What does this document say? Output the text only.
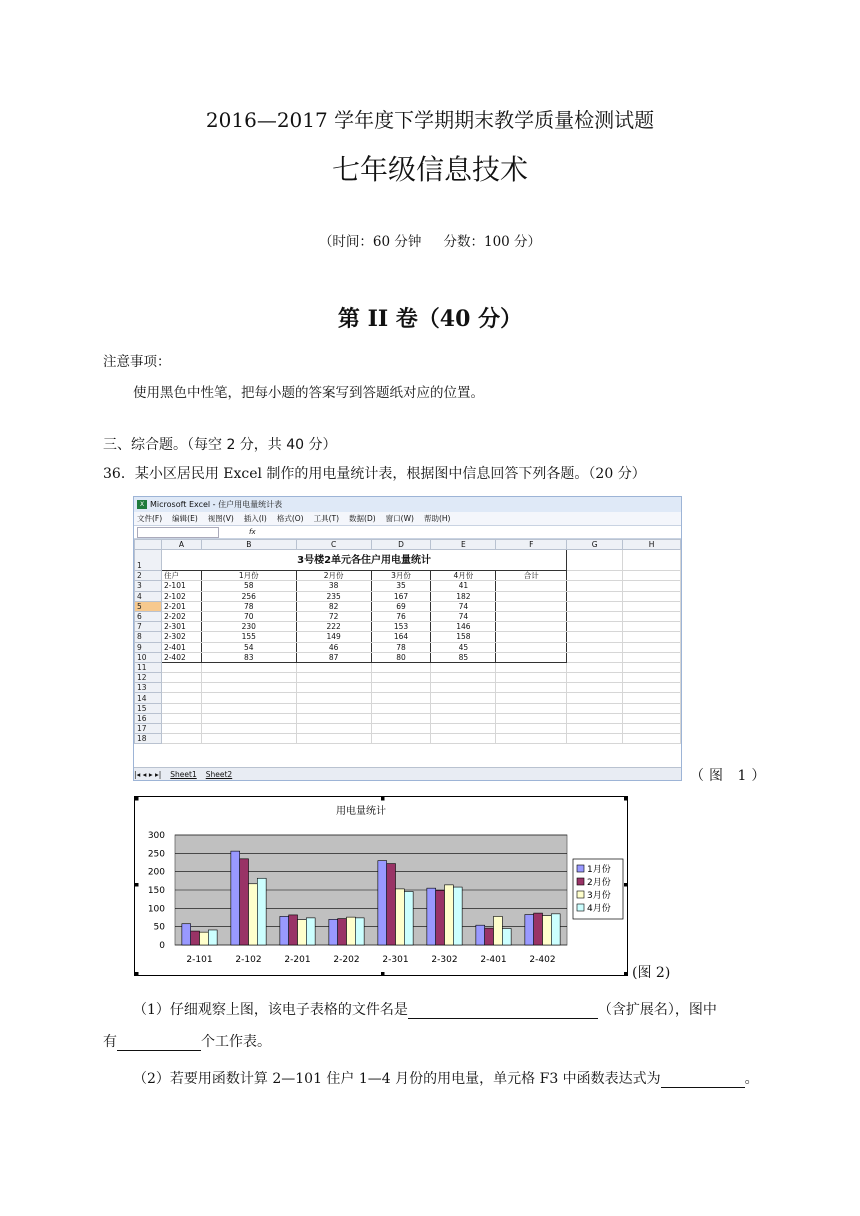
2016—2017 学年度下学期期末教学质量检测试题
七年级信息技术
（时间：60 分钟 　 分数：100 分）
第 II 卷（40 分）
注意事项：
使用黑色中性笔，把每小题的答案写到答题纸对应的位置。
三、综合题。（每空 2 分，共 40 分）
36．某小区居民用 Excel 制作的用电量统计表，根据图中信息回答下列各题。（20 分）
X Microsoft Excel - 住户用电量统计表
文件(F) 编辑(E) 视图(V) 插入(I) 格式(O) 工具(T) 数据(D) 窗口(W) 帮助(H)
fx
	A	B	C	D	E	F	G	H
1	3号楼2单元各住户用电量统计							
2	住户	1月份	2月份	3月份	4月份	合计		
3	2-101	58	38	35	41			
4	2-102	256	235	167	182			
5	2-201	78	82	69	74			
6	2-202	70	72	76	74			
7	2-301	230	222	153	146			
8	2-302	155	149	164	158			
9	2-401	54	46	78	45			
10	2-402	83	87	80	85			
11								
12								
13								
14								
15								
16								
17								
18								
|◂ ◂ ▸ ▸| Sheet1 Sheet2	（图 1）
用电量统计
0
50
100
150
200
250
300
2-101	2-102	2-201	2-202	2-301	2-302	2-401	2-402
1月份
2月份
3月份
4月份
(图 2)
（1）仔细观察上图，该电子表格的文件名是	（含扩展名），图中
有	个工作表。
（2）若要用函数计算 2—101 住户 1—4 月份的用电量，单元格 F3 中函数表达式为	。
